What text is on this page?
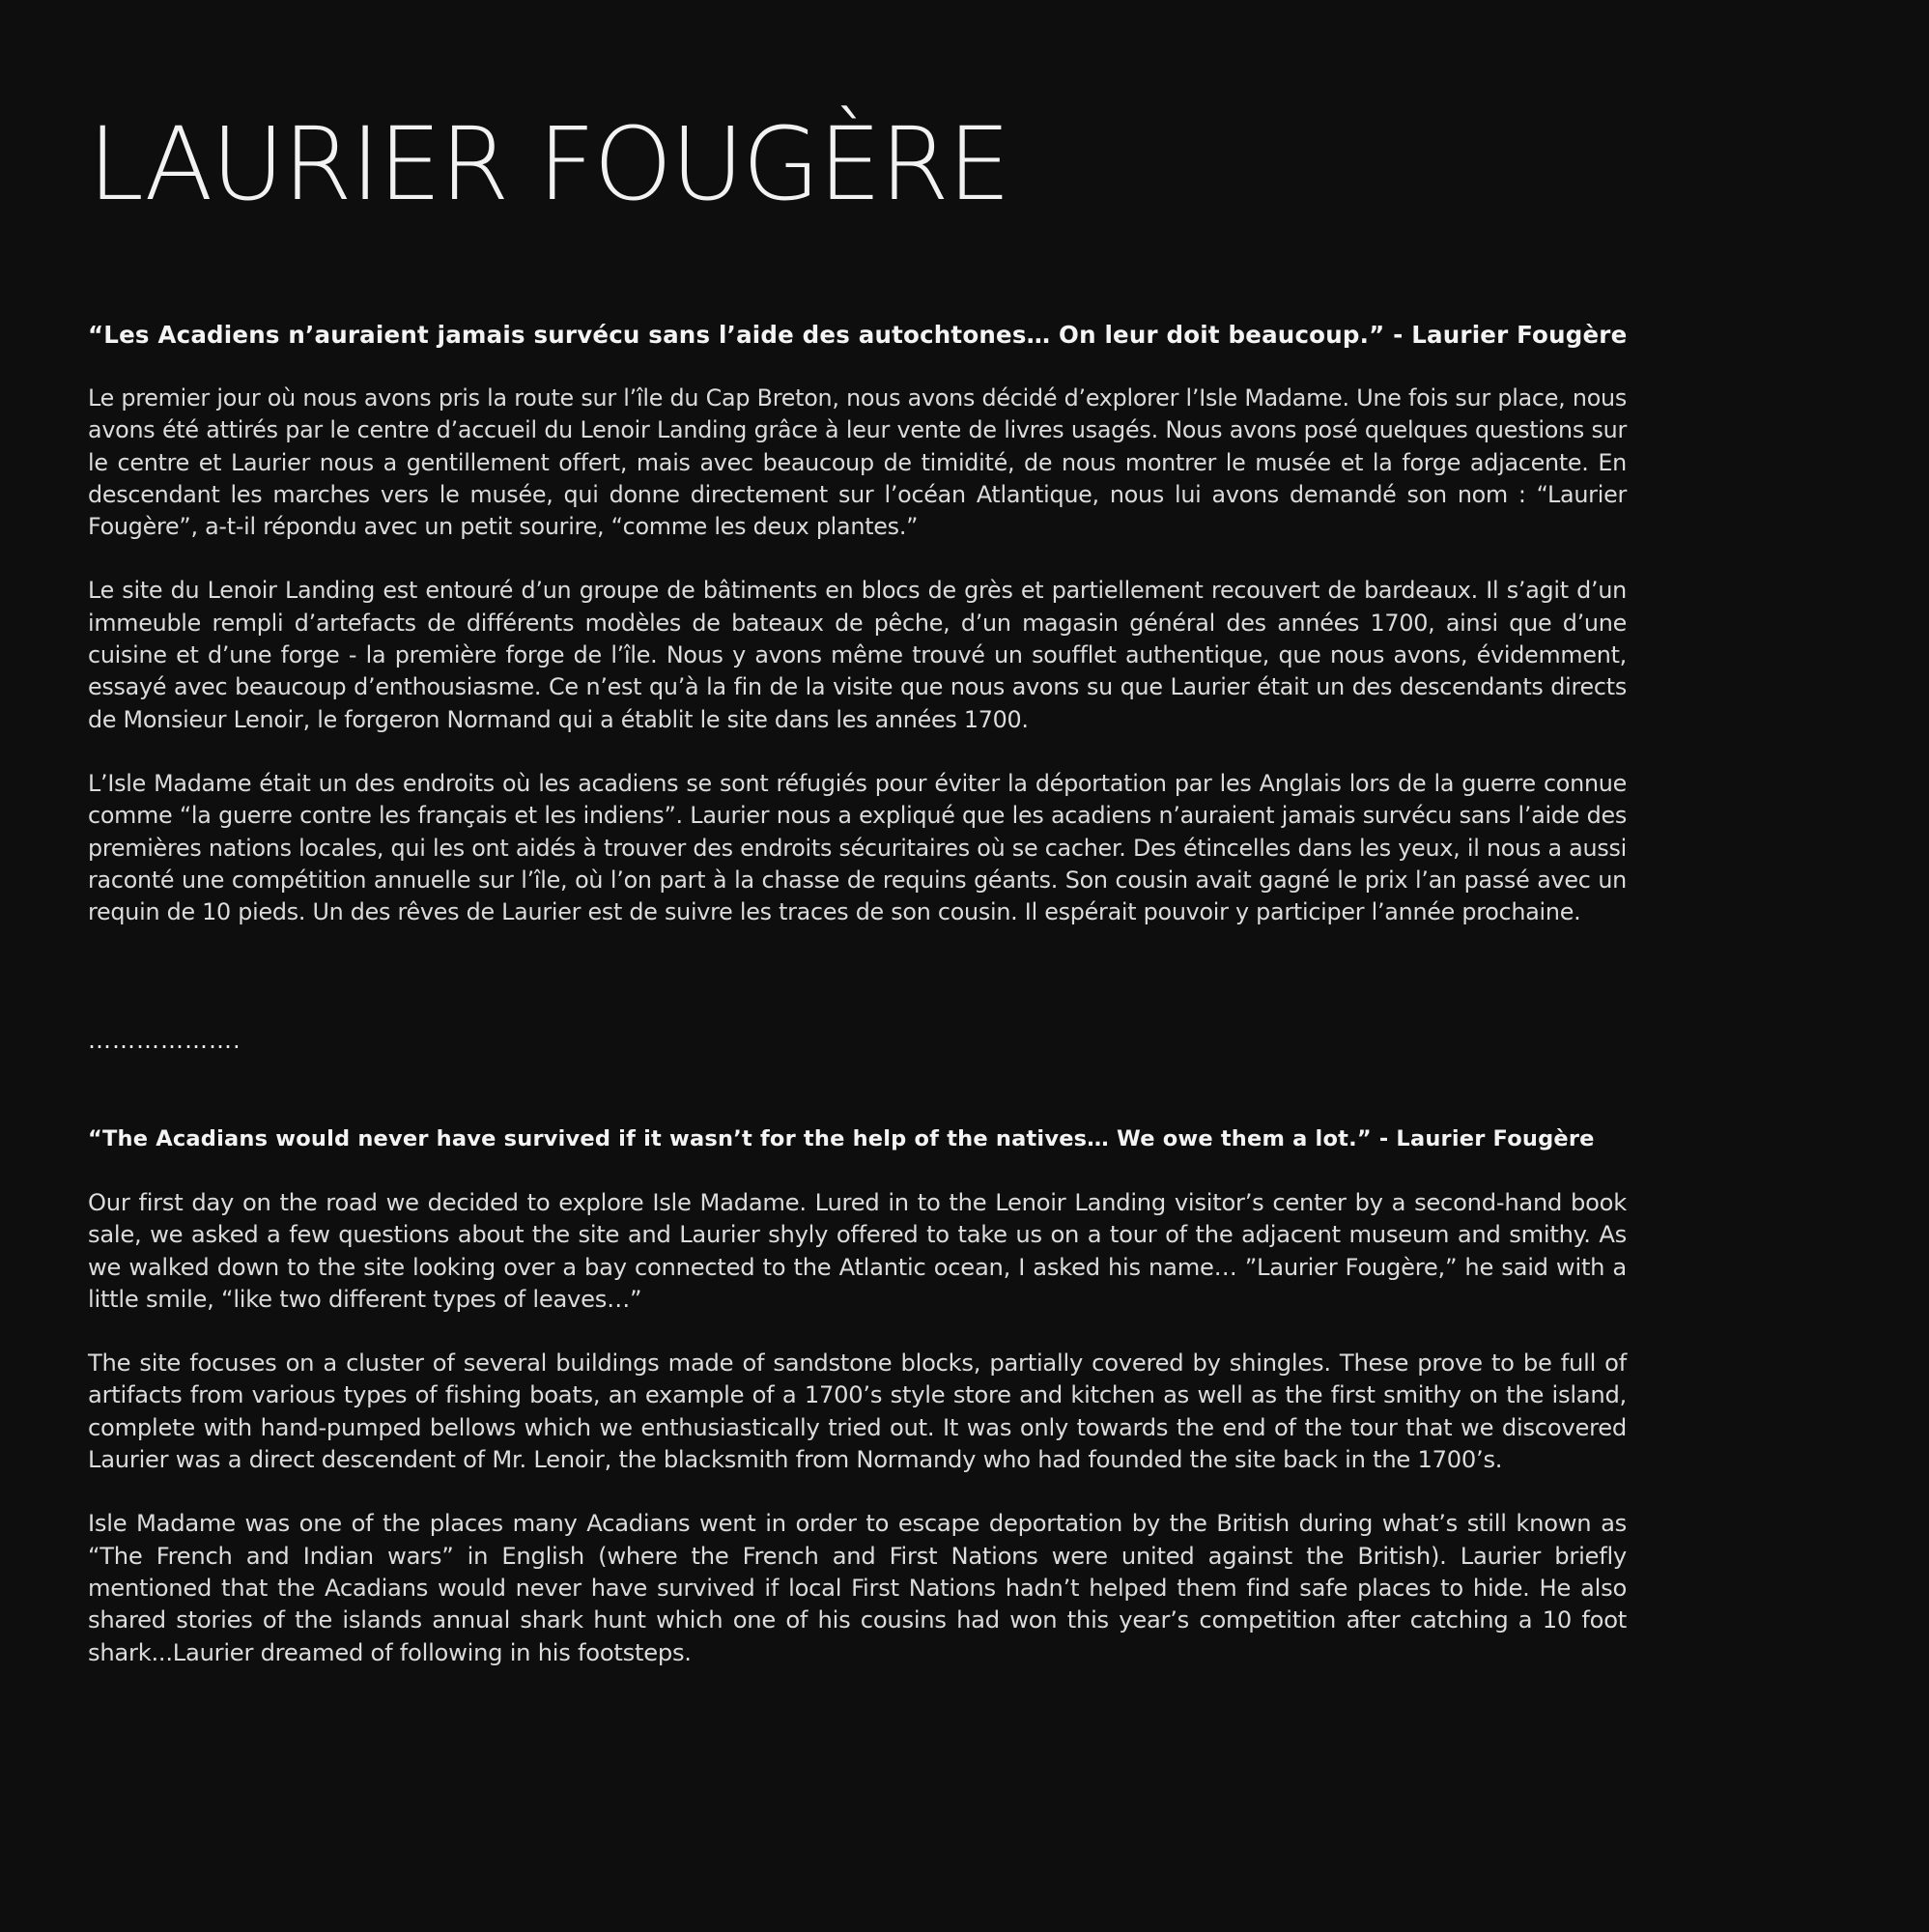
LAURIER FOUGÈRE

“Les Acadiens n’auraient jamais survécu sans l’aide des autochtones… On leur doit beaucoup.” - Laurier Fougère

Le premier jour où nous avons pris la route sur l’île du Cap Breton, nous avons décidé d’explorer l’Isle Madame. Une fois sur place, nous avons été attirés par le centre d’accueil du Lenoir Landing grâce à leur vente de livres usagés. Nous avons posé quelques questions sur le centre et Laurier nous a gentillement offert, mais avec beaucoup de timidité, de nous montrer le musée et la forge adjacente. En descendant les marches vers le musée, qui donne directement sur l’océan Atlantique, nous lui avons demandé son nom : “Laurier Fougère”, a-t-il répondu avec un petit sourire, “comme les deux plantes.”

Le site du Lenoir Landing est entouré d’un groupe de bâtiments en blocs de grès et partiellement recouvert de bardeaux. Il s’agit d’un immeuble rempli d’artefacts de différents modèles de bateaux de pêche, d’un magasin général des années 1700, ainsi que d’une cuisine et d’une forge - la première forge de l’île. Nous y avons même trouvé un soufflet authentique, que nous avons, évidemment, essayé avec beaucoup d’enthousiasme. Ce n’est qu’à la fin de la visite que nous avons su que Laurier était un des descendants directs de Monsieur Lenoir, le forgeron Normand qui a établit le site dans les années 1700.

L’Isle Madame était un des endroits où les acadiens se sont réfugiés pour éviter la déportation par les Anglais lors de la guerre connue comme “la guerre contre les français et les indiens”. Laurier nous a expliqué que les acadiens n’auraient jamais survécu sans l’aide des premières nations locales, qui les ont aidés à trouver des endroits sécuritaires où se cacher. Des étincelles dans les yeux, il nous a aussi raconté une compétition annuelle sur l’île, où l’on part à la chasse de requins géants. Son cousin avait gagné le prix l’an passé avec un requin de 10 pieds. Un des rêves de Laurier est de suivre les traces de son cousin. Il espérait pouvoir y participer l’année prochaine.

……………….

“The Acadians would never have survived if it wasn’t for the help of the natives… We owe them a lot.” - Laurier Fougère

Our first day on the road we decided to explore Isle Madame. Lured in to the Lenoir Landing visitor’s center by a second-hand book sale, we asked a few questions about the site and Laurier shyly offered to take us on a tour of the adjacent museum and smithy. As we walked down to the site looking over a bay connected to the Atlantic ocean, I asked his name… ”Laurier Fougère,” he said with a little smile, “like two different types of leaves…”

The site focuses on a cluster of several buildings made of sandstone blocks, partially covered by shingles. These prove to be full of artifacts from various types of fishing boats, an example of a 1700’s style store and kitchen as well as the first smithy on the island, complete with hand-pumped bellows which we enthusiastically tried out. It was only towards the end of the tour that we discovered Laurier was a direct descendent of Mr. Lenoir, the blacksmith from Normandy who had founded the site back in the 1700’s.

Isle Madame was one of the places many Acadians went in order to escape deportation by the British during what’s still known as “The French and Indian wars” in English (where the French and First Nations were united against the British). Laurier briefly mentioned that the Acadians would never have survived if local First Nations hadn’t helped them find safe places to hide. He also shared stories of the islands annual shark hunt which one of his cousins had won this year’s competition after catching a 10 foot shark...Laurier dreamed of following in his footsteps.
